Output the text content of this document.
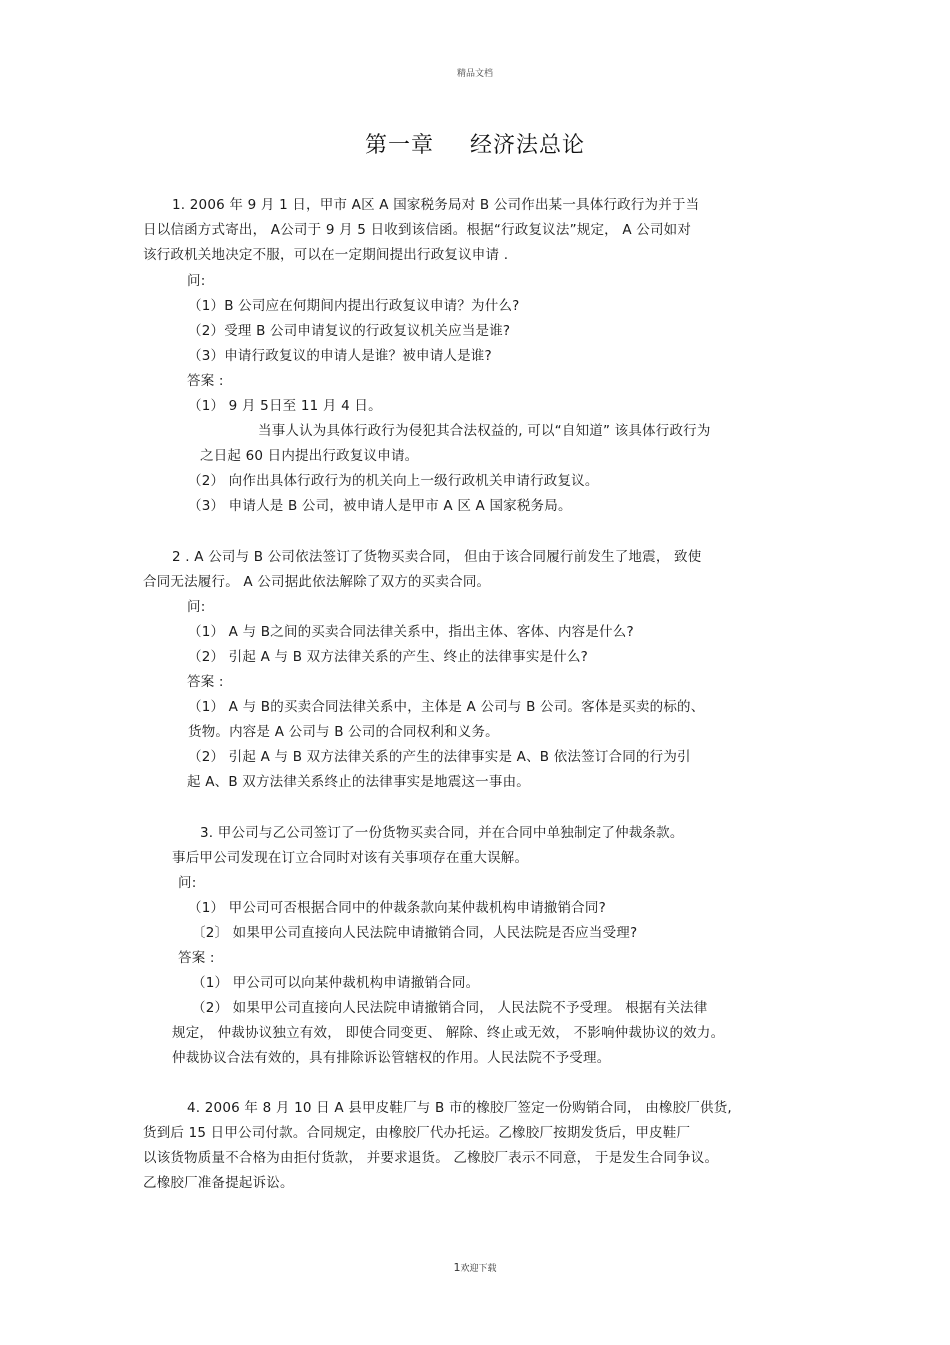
精品文档
第一章 经济法总论
1. 2006 年 9 月 1 日，甲市 A区 A 国家税务局对 B 公司作出某一具体行政行为并于当
日以信函方式寄出， A公司于 9 月 5 日收到该信函。根据“行政复议法”规定， A 公司如对
该行政机关地决定不服，可以在一定期间提出行政复议申请 .
问:
（1）B 公司应在何期间内提出行政复议申请？为什么?
（2）受理 B 公司申请复议的行政复议机关应当是谁?
（3）申请行政复议的申请人是谁？被申请人是谁?
答案 :
（1） 9 月 5日至 11 月 4 日。
当事人认为具体行政行为侵犯其合法权益的, 可以“自知道” 该具体行政行为
之日起 60 日内提出行政复议申请。
（2） 向作出具体行政行为的机关向上一级行政机关申请行政复议。
（3） 申请人是 B 公司，被申请人是甲市 A 区 A 国家税务局。
2 . A 公司与 B 公司依法签订了货物买卖合同， 但由于该合同履行前发生了地震， 致使
合同无法履行。 A 公司据此依法解除了双方的买卖合同。
问:
（1） A 与 B之间的买卖合同法律关系中，指出主体、客体、内容是什么?
（2） 引起 A 与 B 双方法律关系的产生、终止的法律事实是什么?
答案 :
（1） A 与 B的买卖合同法律关系中，主体是 A 公司与 B 公司。客体是买卖的标的、
货物。内容是 A 公司与 B 公司的合同权利和义务。
（2） 引起 A 与 B 双方法律关系的产生的法律事实是 A、B 依法签订合同的行为引
起 A、B 双方法律关系终止的法律事实是地震这一事由。
3. 甲公司与乙公司签订了一份货物买卖合同，并在合同中单独制定了仲裁条款。
事后甲公司发现在订立合同时对该有关事项存在重大误解。
问:
（1） 甲公司可否根据合同中的仲裁条款向某仲裁机构申请撤销合同?
〔2〕 如果甲公司直接向人民法院申请撤销合同，人民法院是否应当受理?
答案 :
（1） 甲公司可以向某仲裁机构申请撤销合同。
（2） 如果甲公司直接向人民法院申请撤销合同， 人民法院不予受理。 根据有关法律
规定， 仲裁协议独立有效， 即使合同变更、 解除、终止或无效， 不影响仲裁协议的效力。
仲裁协议合法有效的，具有排除诉讼管辖权的作用。人民法院不予受理。
4. 2006 年 8 月 10 日 A 县甲皮鞋厂与 B 市的橡胶厂签定一份购销合同， 由橡胶厂供货,
货到后 15 日甲公司付款。合同规定，由橡胶厂代办托运。乙橡胶厂按期发货后，甲皮鞋厂
以该货物质量不合格为由拒付货款， 并要求退货。 乙橡胶厂表示不同意， 于是发生合同争议。
乙橡胶厂准备提起诉讼。
1欢迎下载
